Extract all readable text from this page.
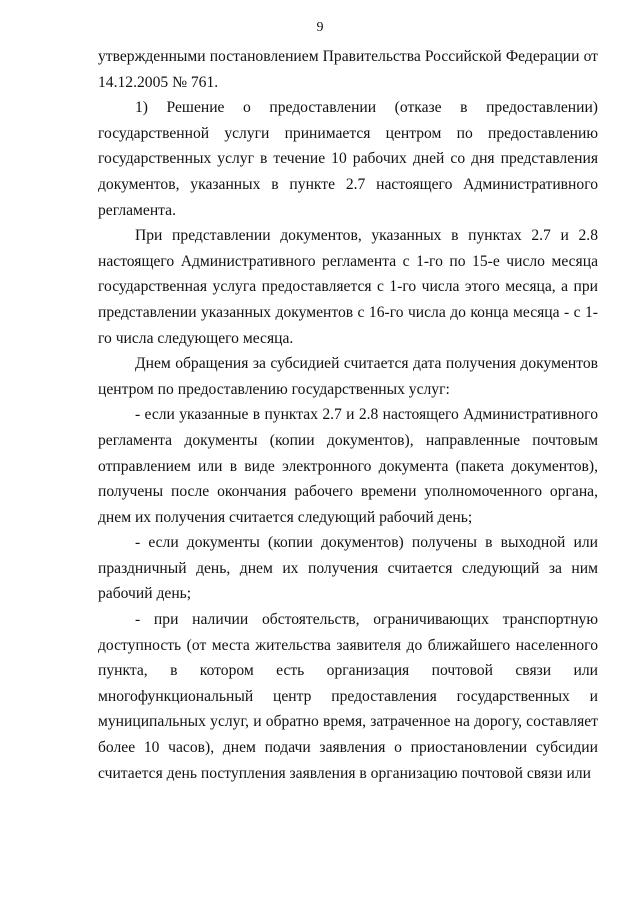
9

утвержденными постановлением Правительства Российской Федерации от 14.12.2005 № 761.

1) Решение о предоставлении (отказе в предоставлении) государственной услуги принимается центром по предоставлению государственных услуг в течение 10 рабочих дней со дня представления документов, указанных в пункте 2.7 настоящего Административного регламента.

При представлении документов, указанных в пунктах 2.7 и 2.8 настоящего Административного регламента с 1-го по 15-е число месяца государственная услуга предоставляется с 1-го числа этого месяца, а при представлении указанных документов с 16-го числа до конца месяца - с 1-го числа следующего месяца.

Днем обращения за субсидией считается дата получения документов центром по предоставлению государственных услуг:

- если указанные в пунктах 2.7 и 2.8 настоящего Административного регламента документы (копии документов), направленные почтовым отправлением или в виде электронного документа (пакета документов), получены после окончания рабочего времени уполномоченного органа, днем их получения считается следующий рабочий день;

- если документы (копии документов) получены в выходной или праздничный день, днем их получения считается следующий за ним рабочий день;

- при наличии обстоятельств, ограничивающих транспортную доступность (от места жительства заявителя до ближайшего населенного пункта, в котором есть организация почтовой связи или многофункциональный центр предоставления государственных и муниципальных услуг, и обратно время, затраченное на дорогу, составляет более 10 часов), днем подачи заявления о приостановлении субсидии считается день поступления заявления в организацию почтовой связи или
